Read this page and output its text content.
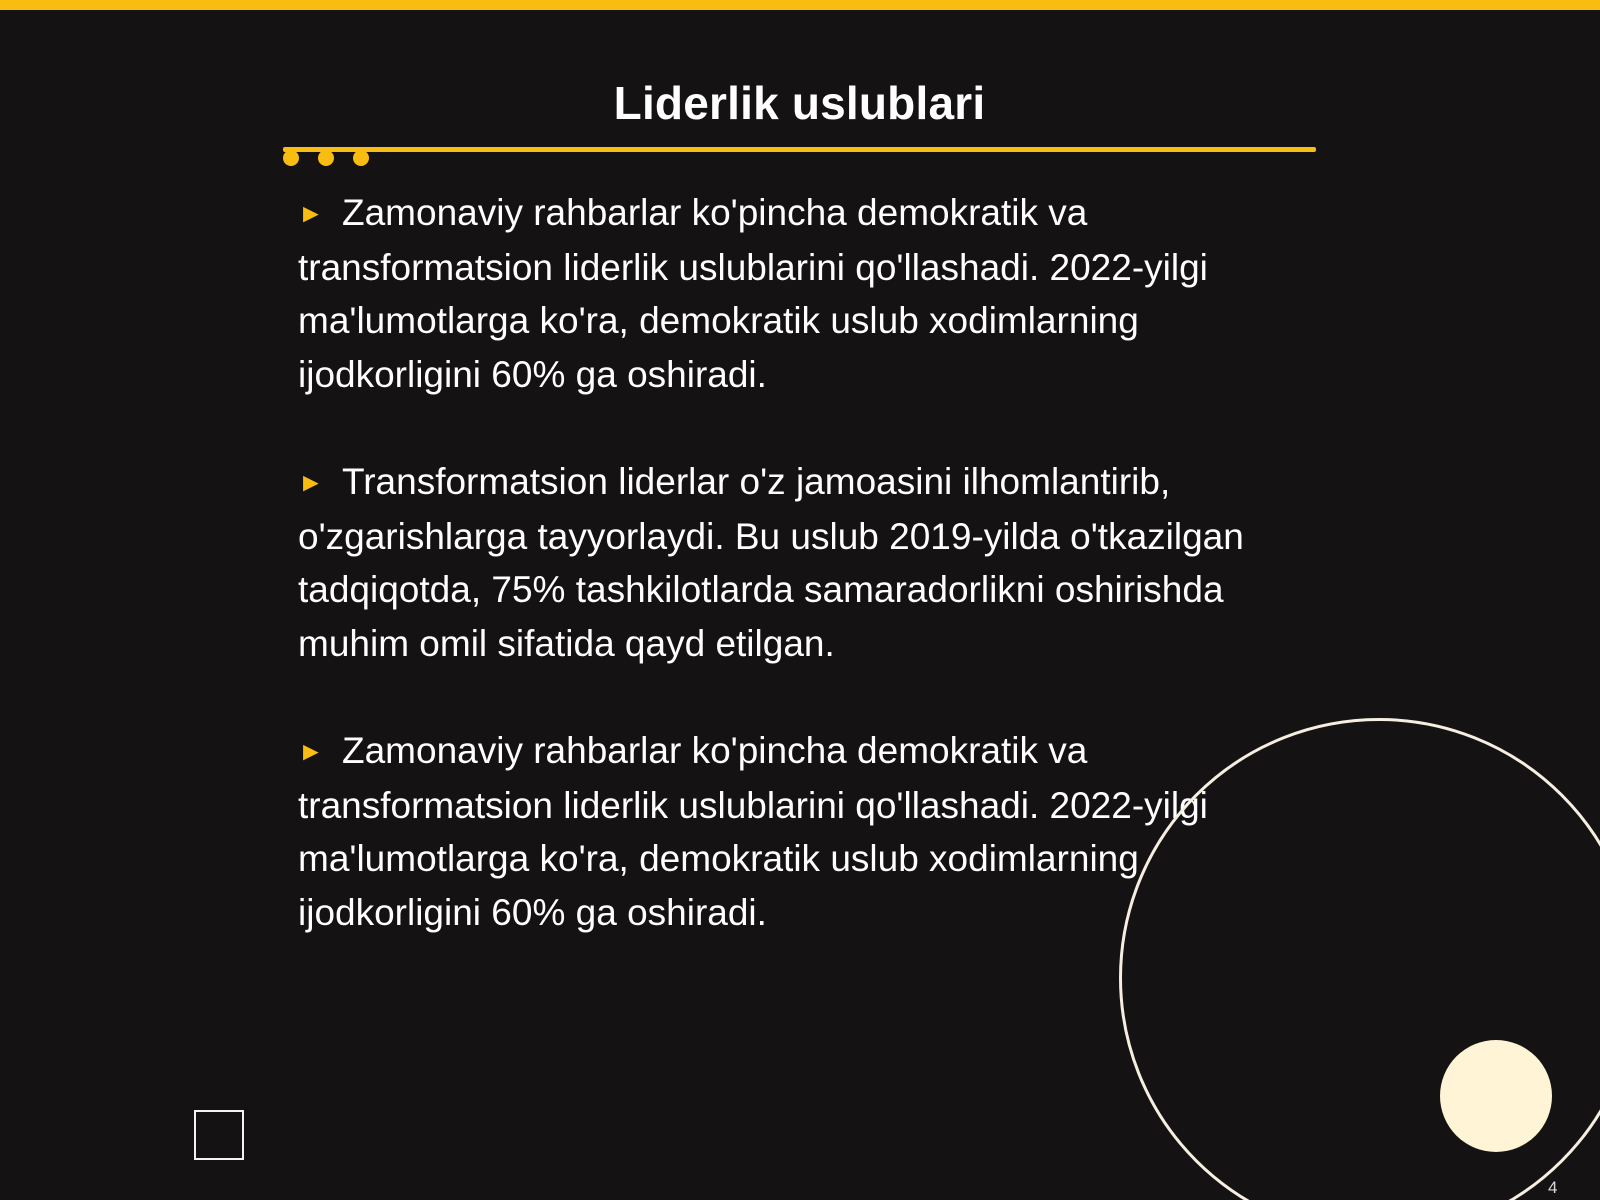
Liderlik uslublari

► Zamonaviy rahbarlar ko'pincha demokratik va transformatsion liderlik uslublarini qo'llashadi. 2022-yilgi ma'lumotlarga ko'ra, demokratik uslub xodimlarning ijodkorligini 60% ga oshiradi.

► Transformatsion liderlar o'z jamoasini ilhomlantirib, o'zgarishlarga tayyorlaydi. Bu uslub 2019-yilda o'tkazilgan tadqiqotda, 75% tashkilotlarda samaradorlikni oshirishda muhim omil sifatida qayd etilgan.

► Zamonaviy rahbarlar ko'pincha demokratik va transformatsion liderlik uslublarini qo'llashadi. 2022-yilgi ma'lumotlarga ko'ra, demokratik uslub xodimlarning ijodkorligini 60% ga oshiradi.

4
